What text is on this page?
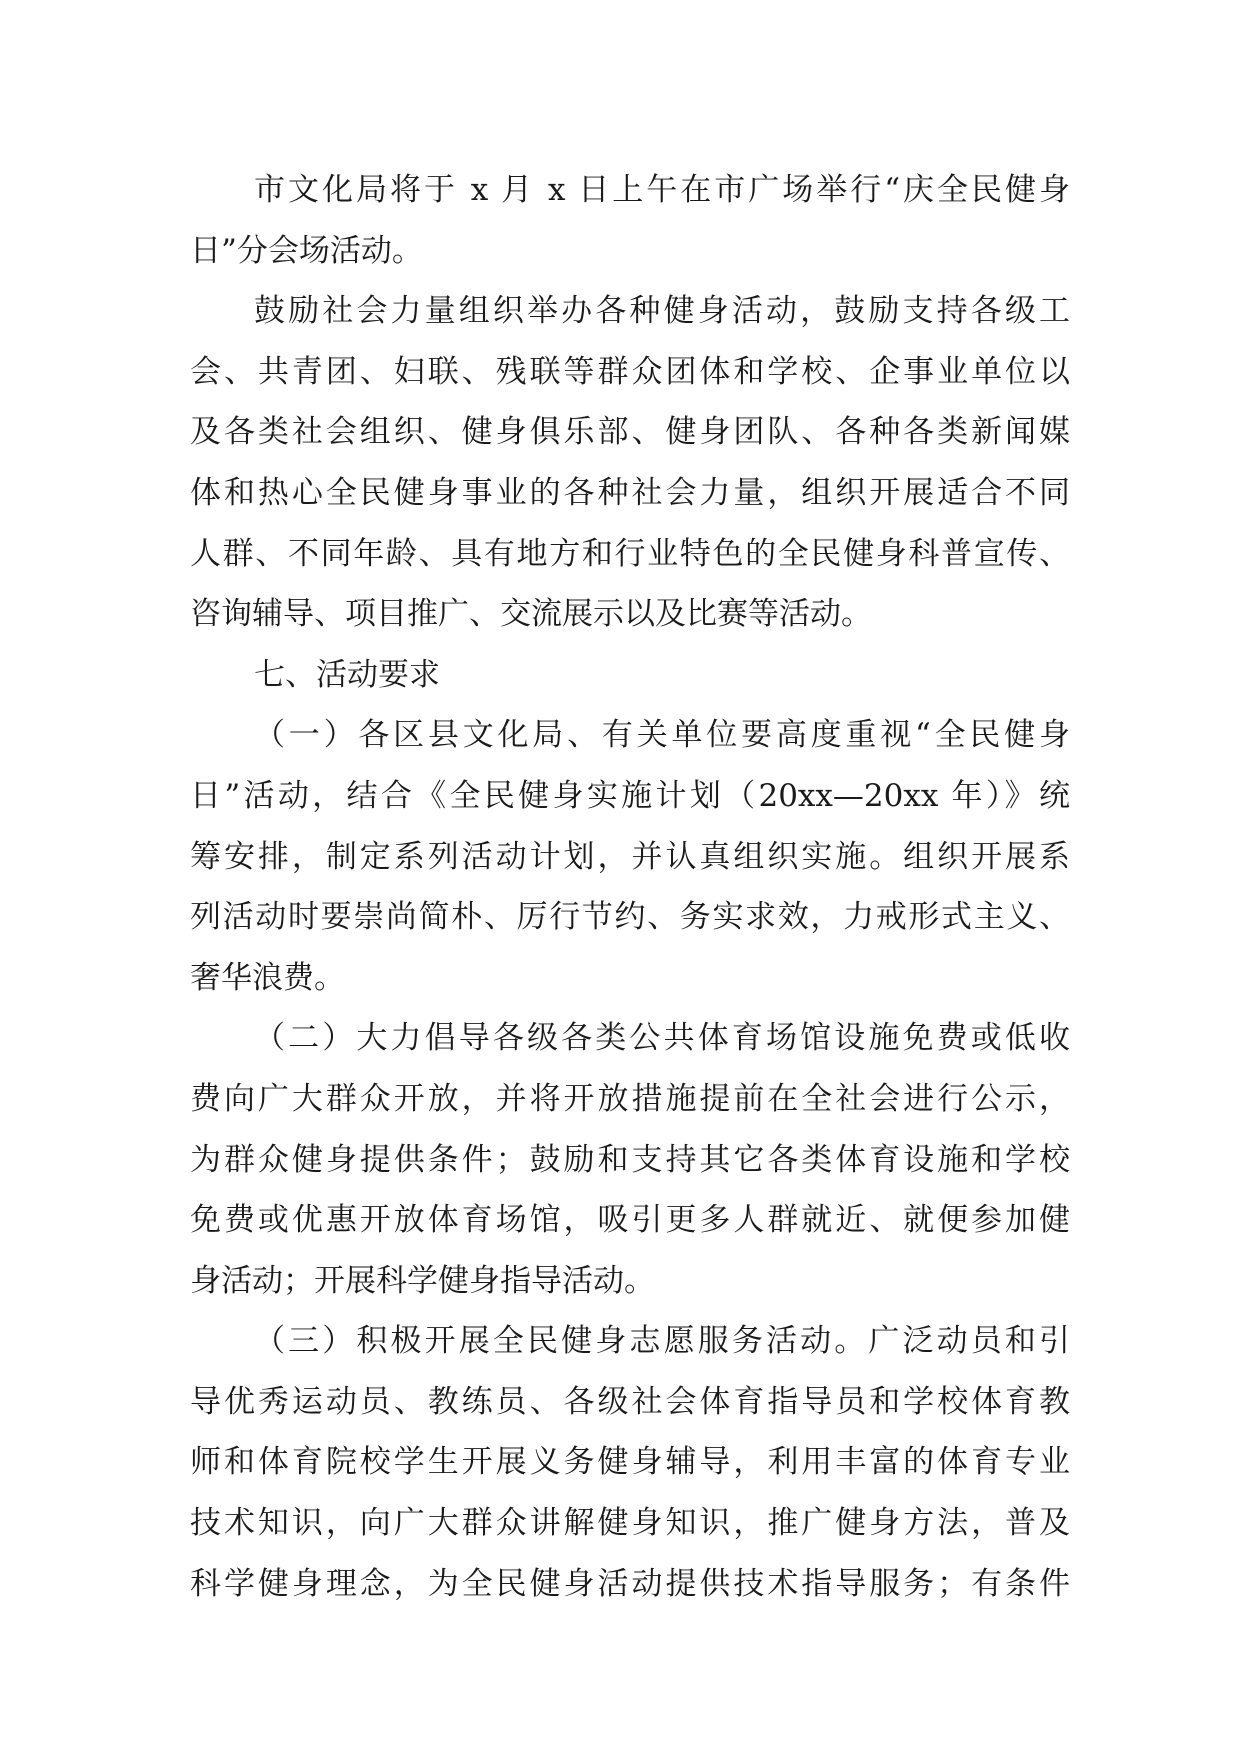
市文化局将于 x 月 x 日上午在市广场举行“庆全民健身
日”分会场活动。
鼓励社会力量组织举办各种健身活动，鼓励支持各级工
会、共青团、妇联、残联等群众团体和学校、企事业单位以
及各类社会组织、健身俱乐部、健身团队、各种各类新闻媒
体和热心全民健身事业的各种社会力量，组织开展适合不同
人群、不同年龄、具有地方和行业特色的全民健身科普宣传、
咨询辅导、项目推广、交流展示以及比赛等活动。
七、活动要求
（一）各区县文化局、有关单位要高度重视“全民健身
日”活动，结合《全民健身实施计划（20xx—20xx 年）》统
筹安排，制定系列活动计划，并认真组织实施。组织开展系
列活动时要崇尚简朴、厉行节约、务实求效，力戒形式主义、
奢华浪费。
（二）大力倡导各级各类公共体育场馆设施免费或低收
费向广大群众开放，并将开放措施提前在全社会进行公示，
为群众健身提供条件；鼓励和支持其它各类体育设施和学校
免费或优惠开放体育场馆，吸引更多人群就近、就便参加健
身活动；开展科学健身指导活动。
（三）积极开展全民健身志愿服务活动。广泛动员和引
导优秀运动员、教练员、各级社会体育指导员和学校体育教
师和体育院校学生开展义务健身辅导，利用丰富的体育专业
技术知识，向广大群众讲解健身知识，推广健身方法，普及
科学健身理念，为全民健身活动提供技术指导服务；有条件
